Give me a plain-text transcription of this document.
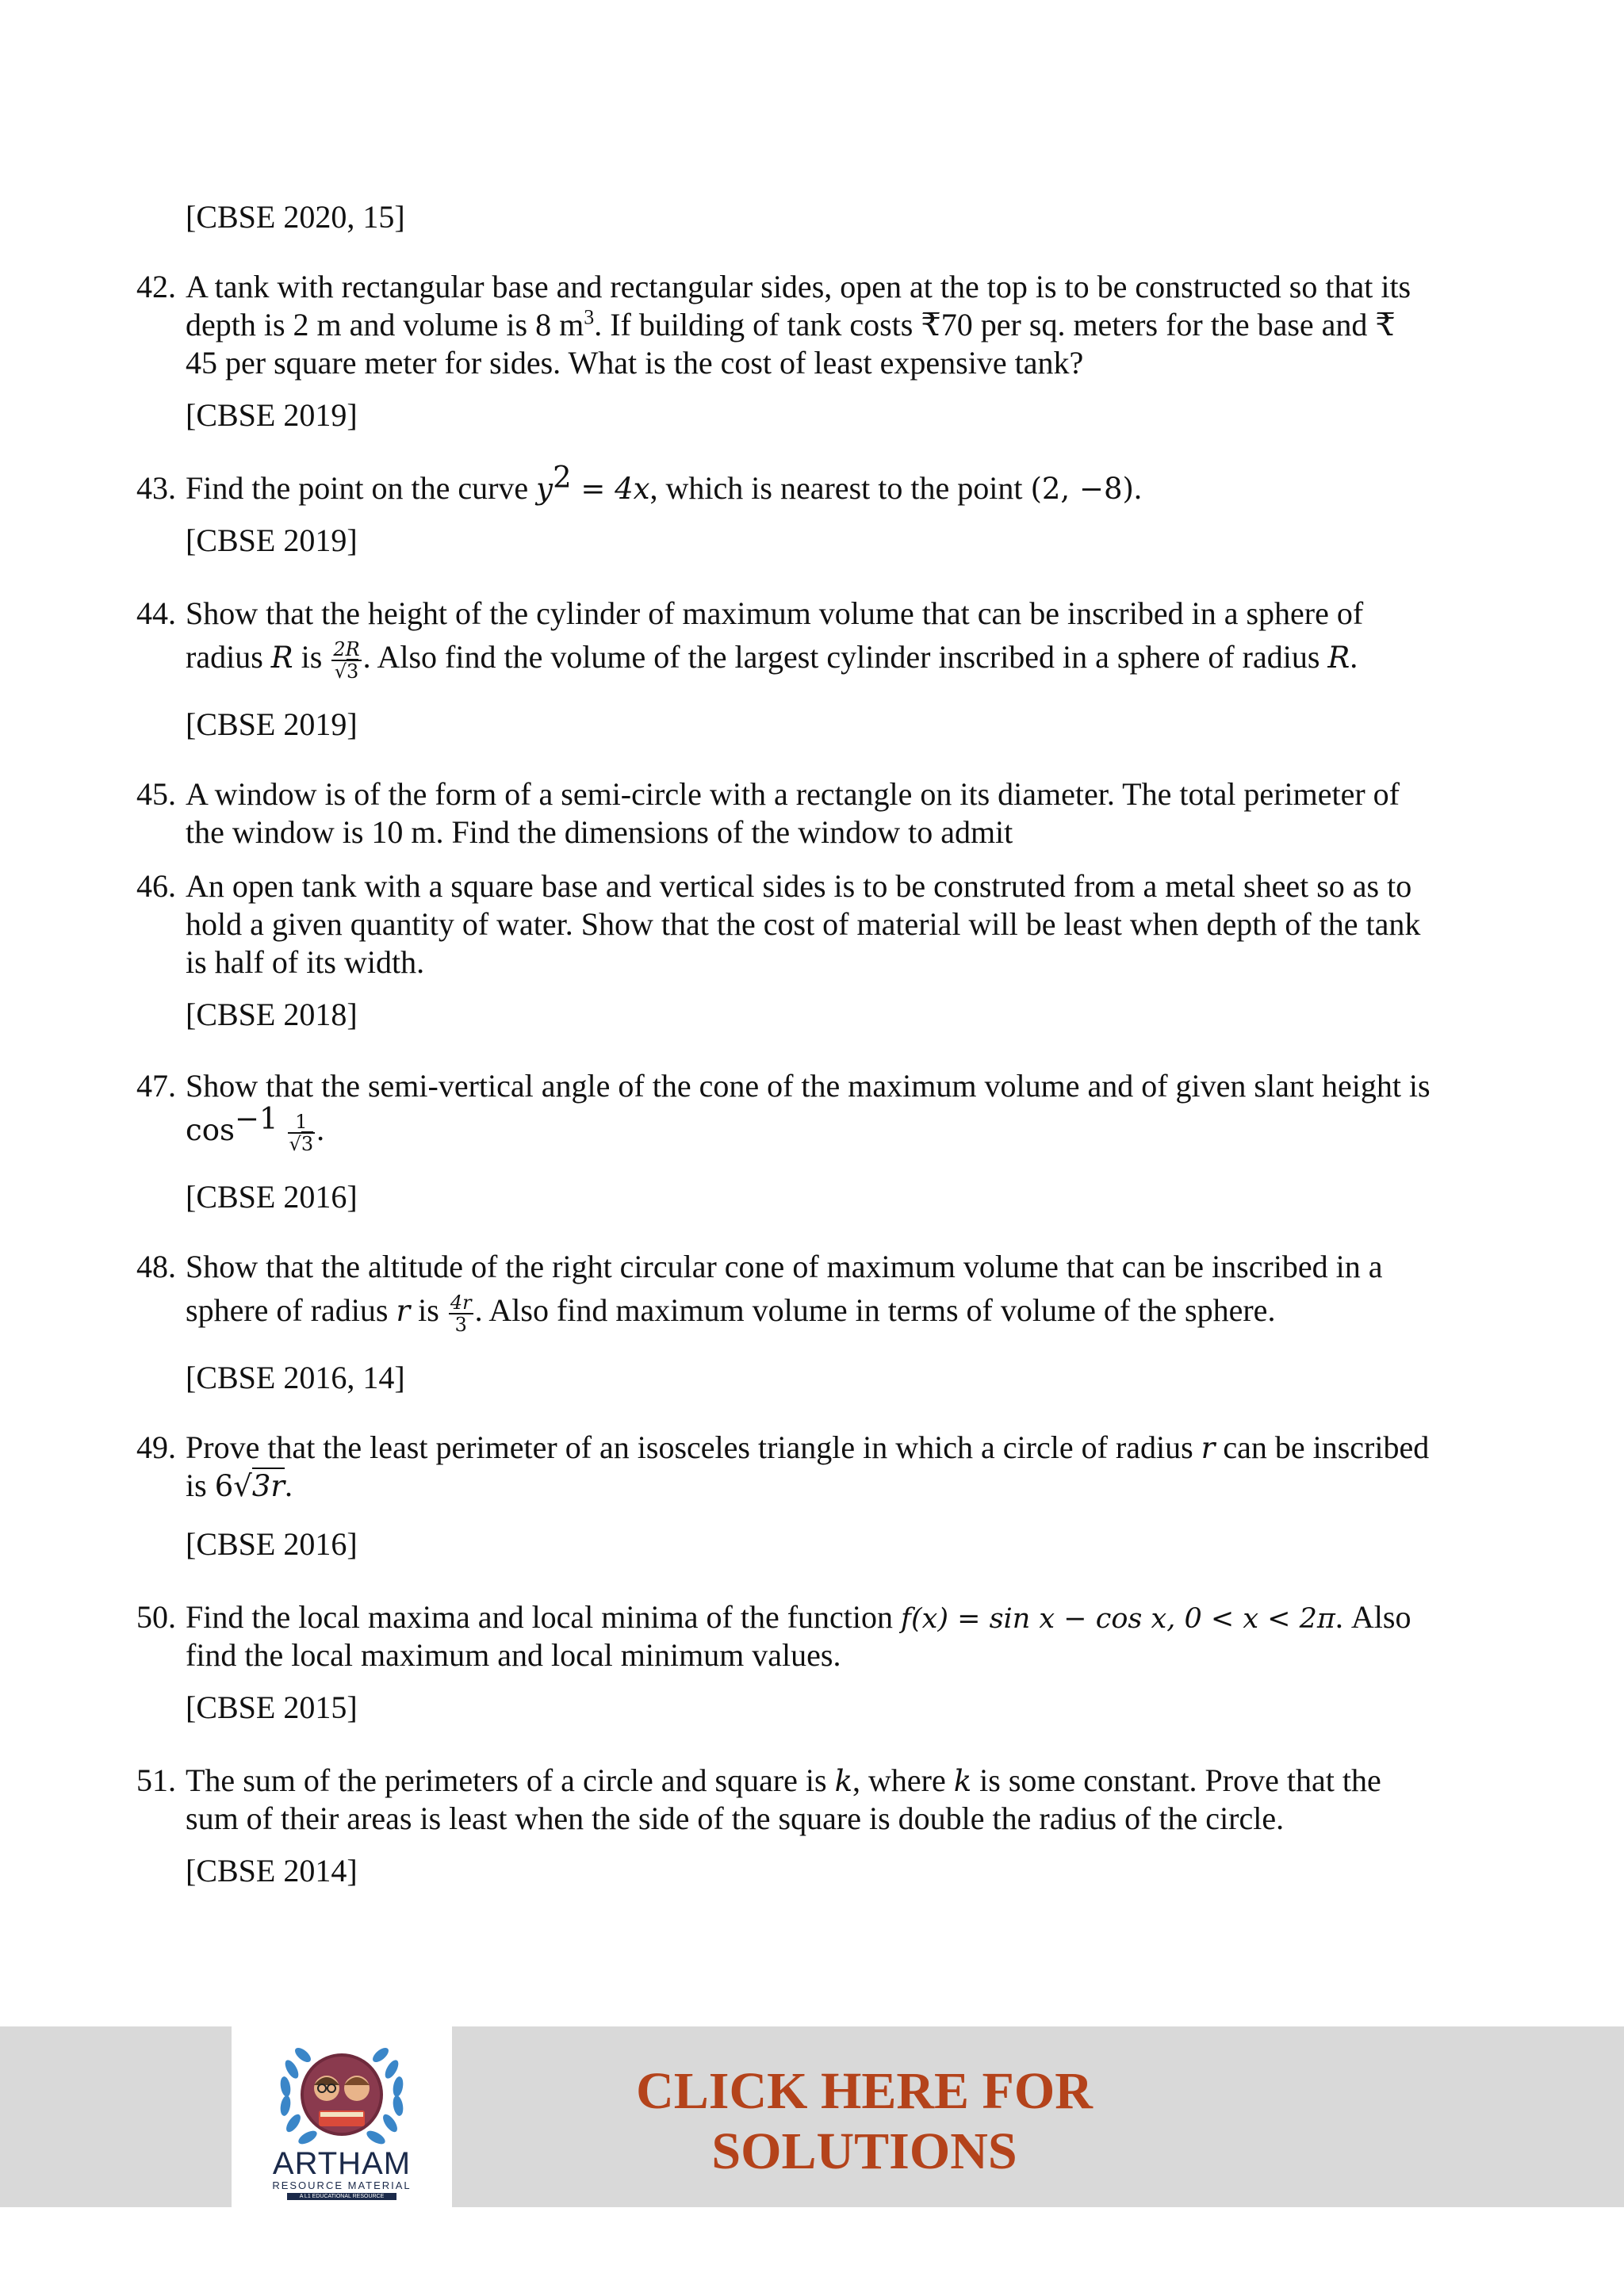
[CBSE 2020, 15]
42. A tank with rectangular base and rectangular sides, open at the top is to be constructed so that its
depth is 2 m and volume is 8 $m^3$. If building of tank costs ₹70 per sq. meters for the base and ₹
45 per square meter for sides. What is the cost of least expensive tank?
[CBSE 2019]
43. Find the point on the curve $y^2 = 4x$, which is nearest to the point (2, −8).
[CBSE 2019]
44. Show that the height of the cylinder of maximum volume that can be inscribed in a sphere of
radius R is $\frac{2R}{√3}$ . Also find the volume of the largest cylinder inscribed in a sphere of radius R.
[CBSE 2019]
45. A window is of the form of a semi-circle with a rectangle on its diameter. The total perimeter of
the window is 10 m. Find the dimensions of the window to admit
46. An open tank with a square base and vertical sides is to be construted from a metal sheet so as to
hold a given quantity of water. Show that the cost of material will be least when depth of the tank
is half of its width.
[CBSE 2018]
47. Show that the semi-vertical angle of the cone of the maximum volume and of given slant height is
$\cos^{-1} \frac{1}{√3}$ .
[CBSE 2016]
48. Show that the altitude of the right circular cone of maximum volume that can be inscribed in a
sphere of radius r is $\frac{4r}{3}$ . Also find maximum volume in terms of volume of the sphere.
[CBSE 2016, 14]
49. Prove that the least perimeter of an isosceles triangle in which a circle of radius r can be inscribed
is 6√3r.
[CBSE 2016]
50. Find the local maxima and local minima of the function f(x) = sin x − cos x, 0 < x < 2π. Also
find the local maximum and local minimum values.
[CBSE 2015]
51. The sum of the perimeters of a circle and square is k, where k is some constant. Prove that the
sum of their areas is least when the side of the square is double the radius of the circle.
[CBSE 2014]
ARTHAM
RESOURCE MATERIAL
A L1 EDUCATIONAL RESOURCE
CLICK HERE FOR
SOLUTIONS
